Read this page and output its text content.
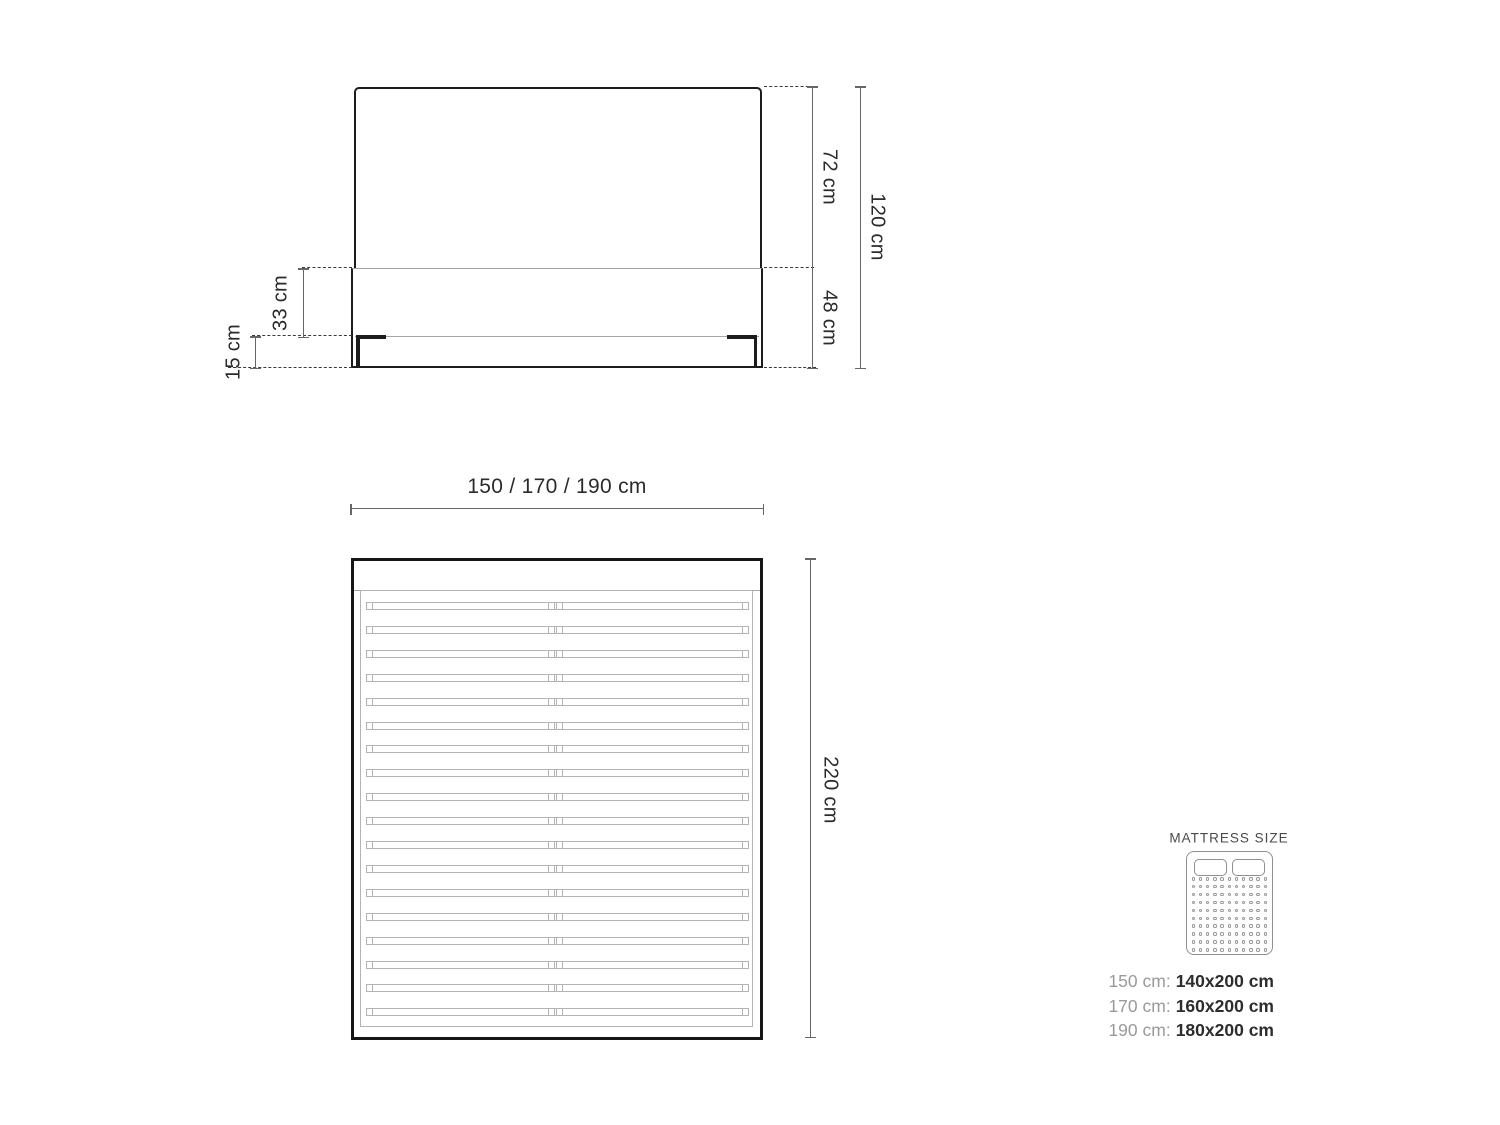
72 cm
120 cm
48 cm
33 cm
15 cm
150 / 170 / 190 cm
220 cm
MATTRESS SIZE
150 cm: 140x200 cm
170 cm: 160x200 cm
190 cm: 180x200 cm
